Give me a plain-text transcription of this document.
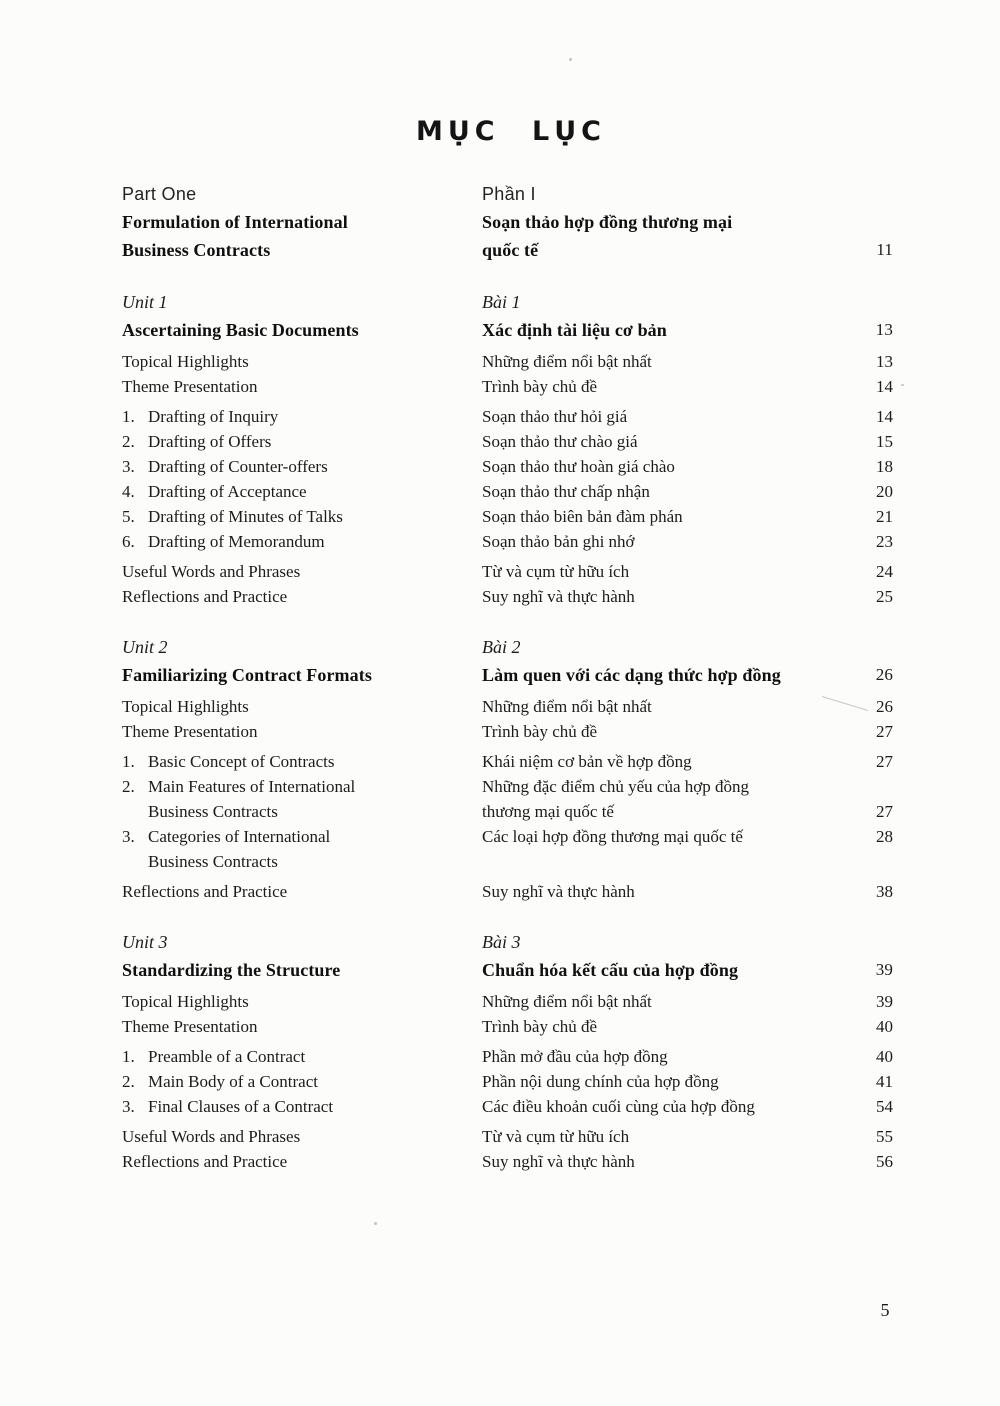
MỤC LỤC
Part One	Phần I
Formulation of International	Soạn thảo hợp đồng thương mại
Business Contracts	quốc tế	11
Unit 1	Bài 1
Ascertaining Basic Documents	Xác định tài liệu cơ bản	13
Topical Highlights	Những điểm nổi bật nhất	13
Theme Presentation	Trình bày chủ đề	14
1. Drafting of Inquiry	Soạn thảo thư hỏi giá	14
2. Drafting of Offers	Soạn thảo thư chào giá	15
3. Drafting of Counter-offers	Soạn thảo thư hoàn giá chào	18
4. Drafting of Acceptance	Soạn thảo thư chấp nhận	20
5. Drafting of Minutes of Talks	Soạn thảo biên bản đàm phán	21
6. Drafting of Memorandum	Soạn thảo bản ghi nhớ	23
Useful Words and Phrases	Từ và cụm từ hữu ích	24
Reflections and Practice	Suy nghĩ và thực hành	25
Unit 2	Bài 2
Familiarizing Contract Formats	Làm quen với các dạng thức hợp đồng	26
Topical Highlights	Những điểm nổi bật nhất	26
Theme Presentation	Trình bày chủ đề	27
1. Basic Concept of Contracts	Khái niệm cơ bản về hợp đồng	27
2. Main Features of International	Những đặc điểm chủ yếu của hợp đồng
Business Contracts	thương mại quốc tế	27
3. Categories of International	Các loại hợp đồng thương mại quốc tế	28
Business Contracts
Reflections and Practice	Suy nghĩ và thực hành	38
Unit 3	Bài 3
Standardizing the Structure	Chuẩn hóa kết cấu của hợp đồng	39
Topical Highlights	Những điểm nổi bật nhất	39
Theme Presentation	Trình bày chủ đề	40
1. Preamble of a Contract	Phần mở đầu của hợp đồng	40
2. Main Body of a Contract	Phần nội dung chính của hợp đồng	41
3. Final Clauses of a Contract	Các điều khoản cuối cùng của hợp đồng	54
Useful Words and Phrases	Từ và cụm từ hữu ích	55
Reflections and Practice	Suy nghĩ và thực hành	56
5
